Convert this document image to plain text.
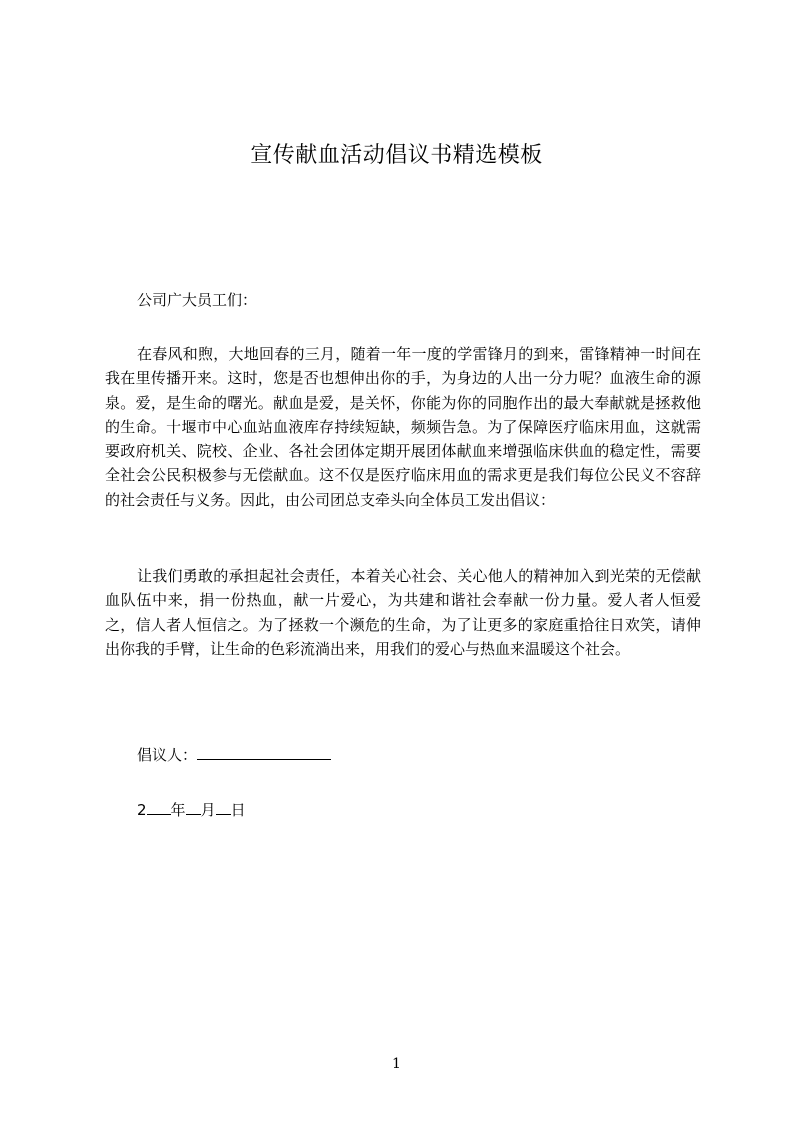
宣传献血活动倡议书精选模板
公司广大员工们：

在春风和煦，大地回春的三月，随着一年一度的学雷锋月的到来，雷锋精神一时间在我在里传播开来。这时，您是否也想伸出你的手，为身边的人出一分力呢？血液生命的源泉。爱，是生命的曙光。献血是爱，是关怀，你能为你的同胞作出的最大奉献就是拯救他的生命。十堰市中心血站血液库存持续短缺，频频告急。为了保障医疗临床用血，这就需要政府机关、院校、企业、各社会团体定期开展团体献血来增强临床供血的稳定性，需要全社会公民积极参与无偿献血。这不仅是医疗临床用血的需求更是我们每位公民义不容辞的社会责任与义务。因此，由公司团总支牵头向全体员工发出倡议：

让我们勇敢的承担起社会责任，本着关心社会、关心他人的精神加入到光荣的无偿献血队伍中来，捐一份热血，献一片爱心，为共建和谐社会奉献一份力量。爱人者人恒爱之，信人者人恒信之。为了拯救一个濒危的生命，为了让更多的家庭重拾往日欢笑，请伸出你我的手臂，让生命的色彩流淌出来，用我们的爱心与热血来温暖这个社会。

倡议人：
2 年 月 日
1
